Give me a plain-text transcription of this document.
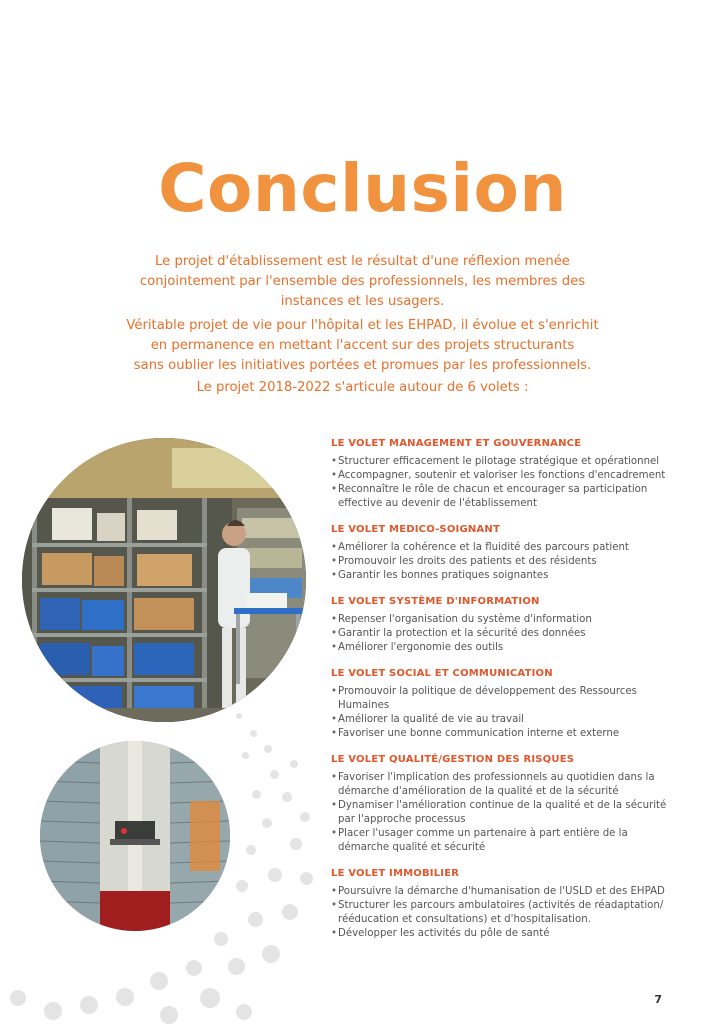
Conclusion

Le projet d'établissement est le résultat d'une réflexion menée

conjointement par l'ensemble des professionnels, les membres des

instances et les usagers.

Véritable projet de vie pour l'hôpital et les EHPAD, il évolue et s'enrichit

en permanence en mettant l'accent sur des projets structurants

sans oublier les initiatives portées et promues par les professionnels.

Le projet 2018-2022 s'articule autour de 6 volets :

LE VOLET MANAGEMENT ET GOUVERNANCE
• Structurer efficacement le pilotage stratégique et opérationnel
• Accompagner, soutenir et valoriser les fonctions d'encadrement
• Reconnaître le rôle de chacun et encourager sa participation effective au devenir de l'établissement
LE VOLET MEDICO-SOIGNANT
• Améliorer la cohérence et la fluidité des parcours patient
• Promouvoir les droits des patients et des résidents
• Garantir les bonnes pratiques soignantes
LE VOLET SYSTÈME D'INFORMATION
• Repenser l'organisation du système d'information
• Garantir la protection et la sécurité des données
• Améliorer l'ergonomie des outils
LE VOLET SOCIAL ET COMMUNICATION
• Promouvoir la politique de développement des Ressources Humaines
• Améliorer la qualité de vie au travail
• Favoriser une bonne communication interne et externe
LE VOLET QUALITÉ/GESTION DES RISQUES
• Favoriser l'implication des professionnels au quotidien dans la démarche d'amélioration de la qualité et de la sécurité
• Dynamiser l'amélioration continue de la qualité et de la sécurité par l'approche processus
• Placer l'usager comme un partenaire à part entière de la démarche qualité et sécurité
LE VOLET IMMOBILIER
• Poursuivre la démarche d'humanisation de l'USLD et des EHPAD
• Structurer les parcours ambulatoires (activités de réadaptation/ rééducation et consultations) et d'hospitalisation.
• Développer les activités du pôle de santé
7
